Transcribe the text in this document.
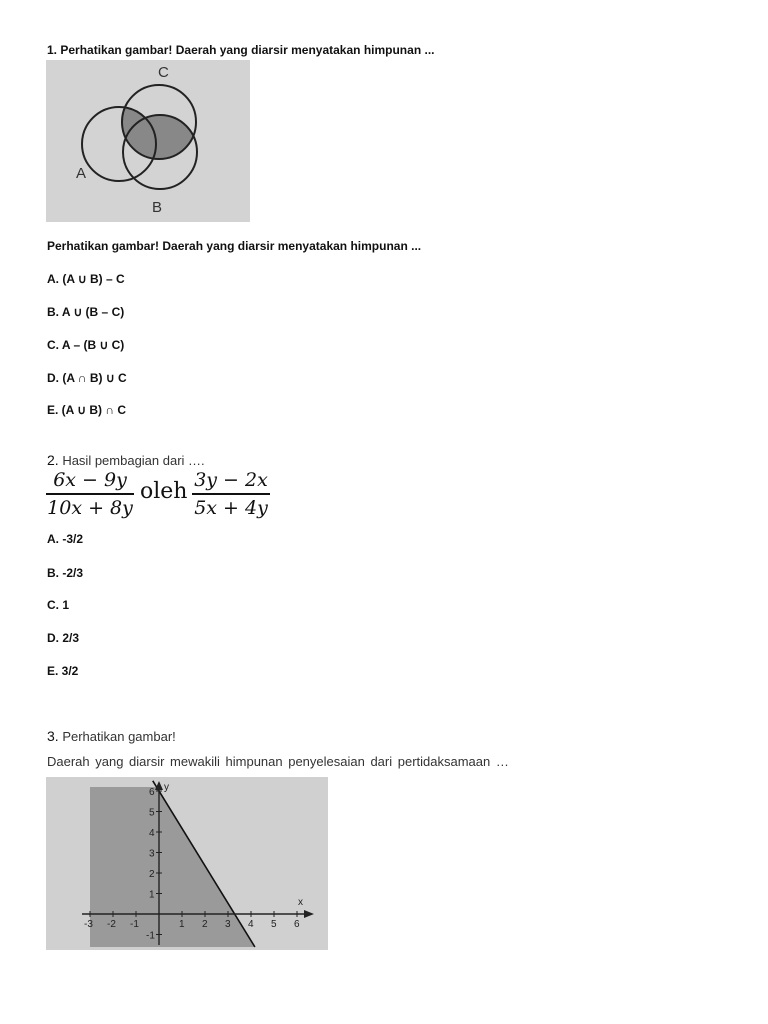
1. Perhatikan gambar! Daerah yang diarsir menyatakan himpunan ...
A
B
C
Perhatikan gambar! Daerah yang diarsir menyatakan himpunan ...
A. (A ∪ B) – C
B. A ∪ (B – C)
C. A – (B ∪ C)
D. (A ∩ B) ∪ C
E. (A ∪ B) ∩ C
2. Hasil pembagian dari ….
6x − 9y
10x + 8y
oleh 3y − 2x
5x + 4y
A. -3/2
B. -2/3
C. 1
D. 2/3
E. 3/2
3. Perhatikan gambar!
Daerah yang diarsir mewakili himpunan penyelesaian dari pertidaksamaan …
-3 -2 -1	1 2 3 4 5 6
6
5
4
3
2
1
-1
x
y
